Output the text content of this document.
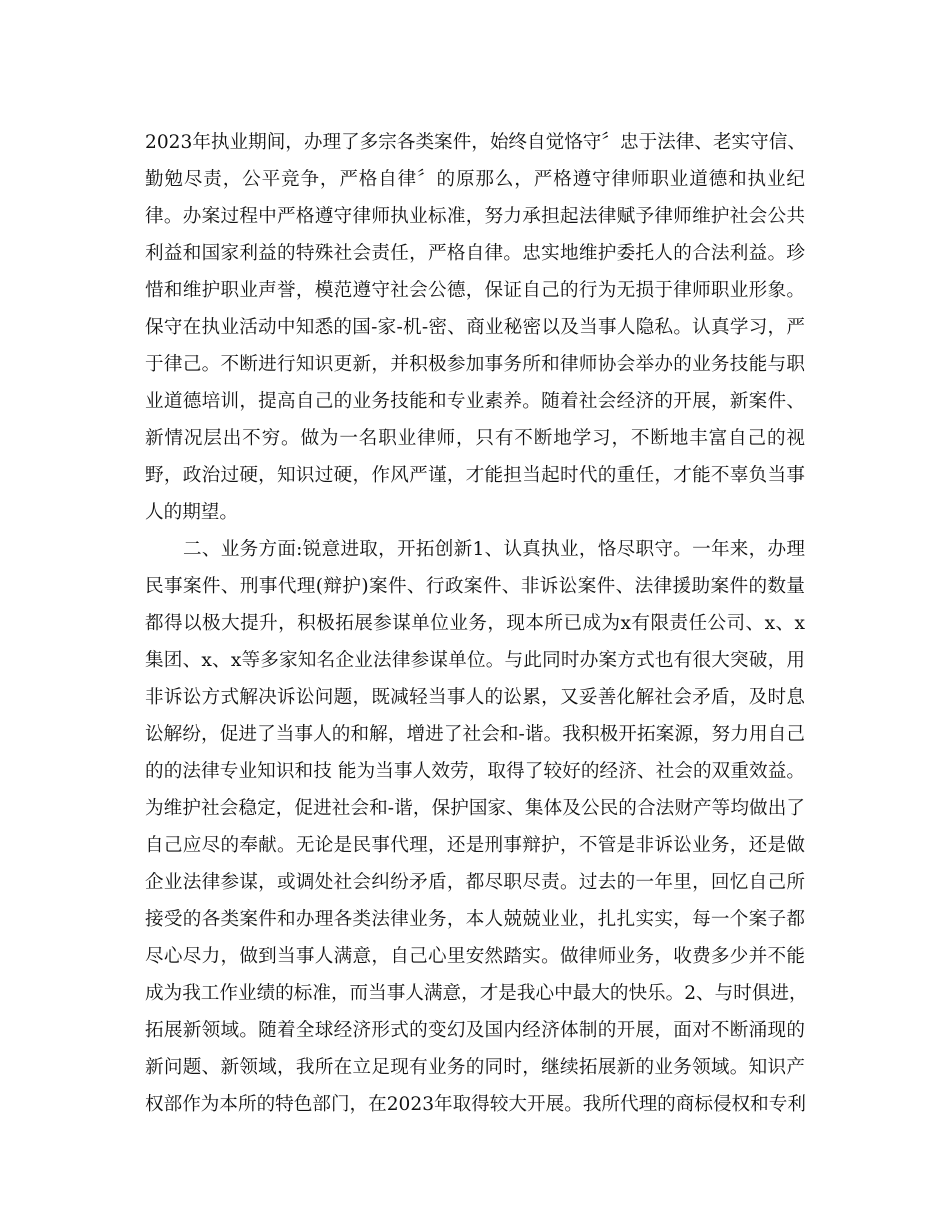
2023年执业期间，办理了多宗各类案件，始终自觉恪守〞忠于法律、老实守信、
勤勉尽责，公平竞争，严格自律〞的原那么，严格遵守律师职业道德和执业纪
律。办案过程中严格遵守律师执业标准，努力承担起法律赋予律师维护社会公共
利益和国家利益的特殊社会责任，严格自律。忠实地维护委托人的合法利益。珍
惜和维护职业声誉，模范遵守社会公德，保证自己的行为无损于律师职业形象。
保守在执业活动中知悉的国-家-机-密、商业秘密以及当事人隐私。认真学习，严
于律己。不断进行知识更新，并积极参加事务所和律师协会举办的业务技能与职
业道德培训，提高自己的业务技能和专业素养。随着社会经济的开展，新案件、
新情况层出不穷。做为一名职业律师，只有不断地学习，不断地丰富自己的视
野，政治过硬，知识过硬，作风严谨，才能担当起时代的重任，才能不辜负当事
人的期望。
二、业务方面:锐意进取，开拓创新1、认真执业，恪尽职守。一年来，办理
民事案件、刑事代理(辩护)案件、行政案件、非诉讼案件、法律援助案件的数量
都得以极大提升，积极拓展参谋单位业务，现本所已成为x有限责任公司、x、x
集团、x、x等多家知名企业法律参谋单位。与此同时办案方式也有很大突破，用
非诉讼方式解决诉讼问题，既减轻当事人的讼累，又妥善化解社会矛盾，及时息
讼解纷，促进了当事人的和解，增进了社会和-谐。我积极开拓案源，努力用自己
的的法律专业知识和技 能为当事人效劳，取得了较好的经济、社会的双重效益。
为维护社会稳定，促进社会和-谐，保护国家、集体及公民的合法财产等均做出了
自己应尽的奉献。无论是民事代理，还是刑事辩护，不管是非诉讼业务，还是做
企业法律参谋，或调处社会纠纷矛盾，都尽职尽责。过去的一年里，回忆自己所
接受的各类案件和办理各类法律业务，本人兢兢业业，扎扎实实，每一个案子都
尽心尽力，做到当事人满意，自己心里安然踏实。做律师业务，收费多少并不能
成为我工作业绩的标准，而当事人满意，才是我心中最大的快乐。2、与时俱进，
拓展新领域。随着全球经济形式的变幻及国内经济体制的开展，面对不断涌现的
新问题、新领域，我所在立足现有业务的同时，继续拓展新的业务领域。知识产
权部作为本所的特色部门，在2023年取得较大开展。我所代理的商标侵权和专利
